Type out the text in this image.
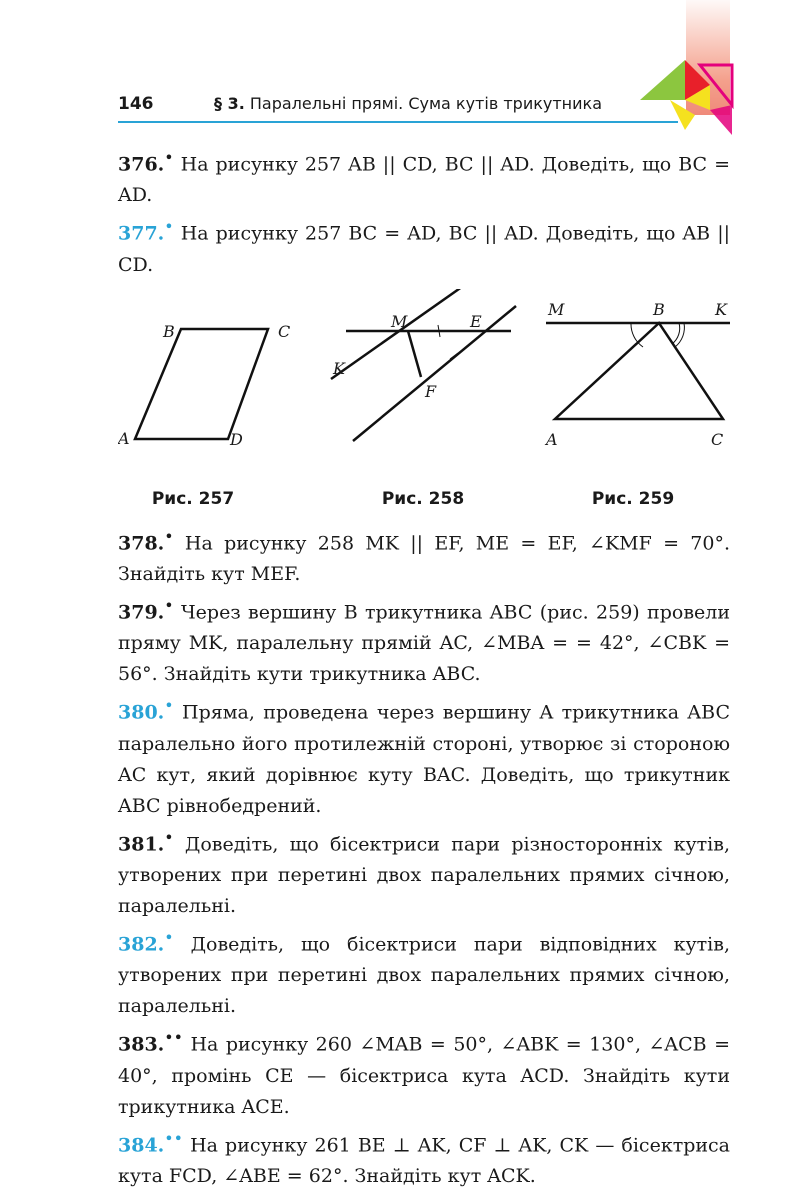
146	§ 3. Паралельні прямі. Сума кутів трикутника

376.• На рисунку 257 AB || CD, BC || AD. Доведіть, що BC = AD.

377.• На рисунку 257 BC = AD, BC || AD. Доведіть, що AB || CD.

A	D
B	C
M	E
K
F
M	B	K
A	C
Рис. 257	Рис. 258	Рис. 259

378.• На рисунку 258 MK || EF, ME = EF, ∠KMF = 70°. Знайдіть кут MEF.

379.• Через вершину B трикутника ABC (рис. 259) провели пряму MK, паралельну прямій AC, ∠MBA = = 42°, ∠CBK = 56°. Знайдіть кути трикутника ABC.

380.• Пряма, проведена через вершину A трикутника ABC паралельно його протилежній стороні, утворює зі стороною AC кут, який дорівнює куту BAC. Доведіть, що трикутник ABC рівнобедрений.

381.• Доведіть, що бісектриси пари різносторонніх кутів, утворених при перетині двох паралельних прямих січною, паралельні.

382.• Доведіть, що бісектриси пари відповідних кутів, утворених при перетині двох паралельних прямих січною, паралельні.

383.•• На рисунку 260 ∠MAB = 50°, ∠ABK = 130°, ∠ACB = 40°, промінь CE — бісектриса кута ACD. Знайдіть кути трикутника ACE.

384.•• На рисунку 261 BE ⊥ AK, CF ⊥ AK, CK — бісектриса кута FCD, ∠ABE = 62°. Знайдіть кут ACK.
